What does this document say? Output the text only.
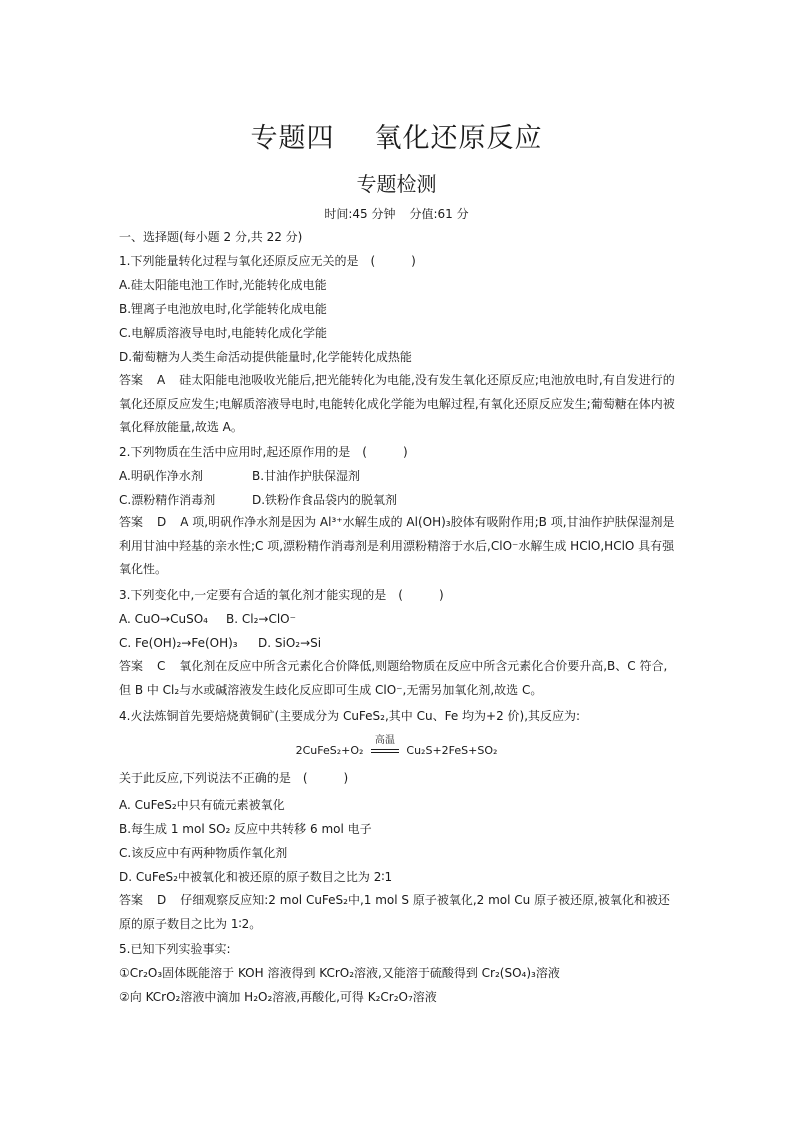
专题四 氧化还原反应
专题检测
时间:45 分钟 分值:61 分
一、选择题(每小题 2 分,共 22 分)
1.下列能量转化过程与氧化还原反应无关的是　(　　　)
A.硅太阳能电池工作时,光能转化成电能
B.锂离子电池放电时,化学能转化成电能
C.电解质溶液导电时,电能转化成化学能
D.葡萄糖为人类生命活动提供能量时,化学能转化成热能
答案 A 硅太阳能电池吸收光能后,把光能转化为电能,没有发生氧化还原反应;电池放电时,有自发进行的氧化还原反应发生;电解质溶液导电时,电能转化成化学能为电解过程,有氧化还原反应发生;葡萄糖在体内被氧化释放能量,故选 A。
2.下列物质在生活中应用时,起还原作用的是　(　　　)
A.明矾作净水剂	B.甘油作护肤保湿剂
C.漂粉精作消毒剂	D.铁粉作食品袋内的脱氧剂
答案 D A 项,明矾作净水剂是因为 Al³⁺水解生成的 Al(OH)₃胶体有吸附作用;B 项,甘油作护肤保湿剂是利用甘油中羟基的亲水性;C 项,漂粉精作消毒剂是利用漂粉精溶于水后,ClO⁻水解生成 HClO,HClO 具有强氧化性。
3.下列变化中,一定要有合适的氧化剂才能实现的是　(　　　)
A. CuO→CuSO₄ B. Cl₂→ClO⁻
C. Fe(OH)₂→Fe(OH)₃ D. SiO₂→Si
答案 C 氧化剂在反应中所含元素化合价降低,则题给物质在反应中所含元素化合价要升高,B、C 符合,但 B 中 Cl₂与水或碱溶液发生歧化反应即可生成 ClO⁻,无需另加氧化剂,故选 C。
4.火法炼铜首先要焙烧黄铜矿(主要成分为 CuFeS₂,其中 Cu、Fe 均为+2 价),其反应为:
2CuFeS₂+O₂
高温
Cu₂S+2FeS+SO₂
关于此反应,下列说法不正确的是　(　　　)
A. CuFeS₂中只有硫元素被氧化
B.每生成 1 mol SO₂ 反应中共转移 6 mol 电子
C.该反应中有两种物质作氧化剂
D. CuFeS₂中被氧化和被还原的原子数目之比为 2∶1
答案 D 仔细观察反应知:2 mol CuFeS₂中,1 mol S 原子被氧化,2 mol Cu 原子被还原,被氧化和被还原的原子数目之比为 1∶2。
5.已知下列实验事实:
①Cr₂O₃固体既能溶于 KOH 溶液得到 KCrO₂溶液,又能溶于硫酸得到 Cr₂(SO₄)₃溶液
②向 KCrO₂溶液中滴加 H₂O₂溶液,再酸化,可得 K₂Cr₂O₇溶液
